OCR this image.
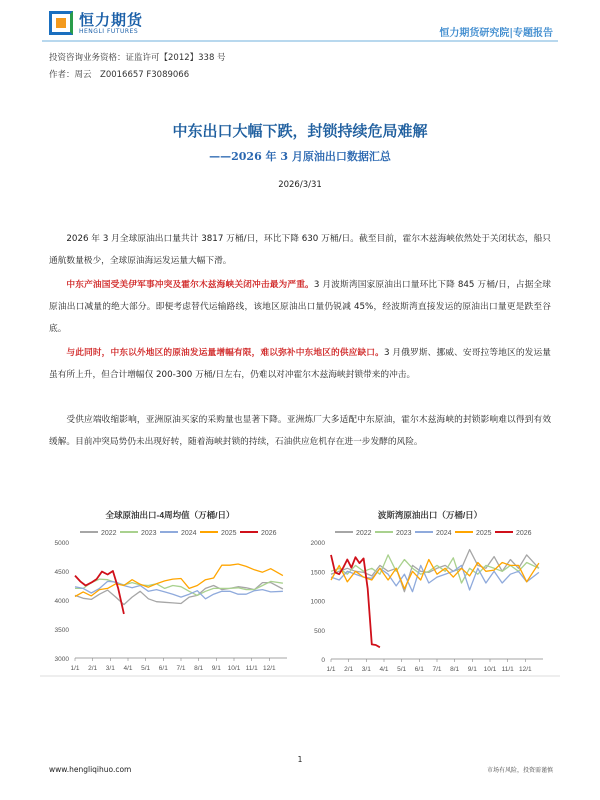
恒力期货
HENGLI FUTURES	恒力期货研究院|专题报告
投资咨询业务资格：证监许可【2012】338 号
作者：周云　Z0016657 F3089066
中东出口大幅下跌，封锁持续危局难解
——2026 年 3 月原油出口数据汇总
2026/3/31

2026 年 3 月全球原油出口量共计 3817 万桶/日，环比下降 630 万桶/日。截至目前，霍尔木兹海峡依然处于关闭状态，船只通航数量极少，全球原油海运发运量大幅下滑。

中东产油国受美伊军事冲突及霍尔木兹海峡关闭冲击最为严重。3 月波斯湾国家原油出口量环比下降 845 万桶/日，占据全球原油出口减量的绝大部分。即便考虑替代运输路线，该地区原油出口量仍锐减 45%，经波斯湾直接发运的原油出口量更是跌至谷底。

与此同时，中东以外地区的原油发运量增幅有限，难以弥补中东地区的供应缺口。3 月俄罗斯、挪威、安哥拉等地区的发运量虽有所上升，但合计增幅仅 200-300 万桶/日左右，仍难以对冲霍尔木兹海峡封锁带来的冲击。

受供应端收缩影响，亚洲原油买家的采购量也显著下降。亚洲炼厂大多适配中东原油，霍尔木兹海峡的封锁影响难以得到有效缓解。目前冲突局势仍未出现好转，随着海峡封锁的持续，石油供应危机存在进一步发酵的风险。

全球原油出口-4周均值（万桶/日）
2022	2023	2024	2025	2026
3000
3500
4000
4500
5000
1/1 2/1 3/1 4/1 5/1 6/1 7/1 8/1 9/1 10/1 11/1 12/1
波斯湾原油出口（万桶/日）
2022	2023	2024	2025	2026
0
500
1000
1500
2000
1/1 2/1 3/1 4/1 5/1 6/1 7/1 8/1 9/1 10/1 11/1 12/1
1
www.hengliqihuo.com	市场有风险，投资需谨慎
